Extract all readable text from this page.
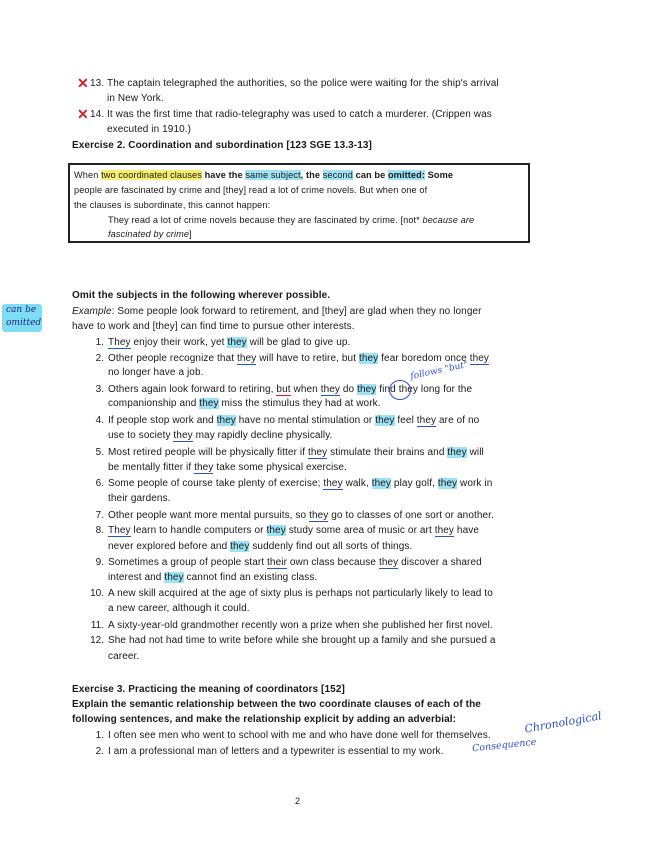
✕ 13. The captain telegraphed the authorities, so the police were waiting for the ship's arrival
in New York.
✕ 14. It was the first time that radio-telegraphy was used to catch a murderer. (Crippen was
executed in 1910.)
Exercise 2. Coordination and subordination [123 SGE 13.3-13]
When two coordinated clauses have the same subject, the second can be omitted: Some
people are fascinated by crime and [they] read a lot of crime novels. But when one of
the clauses is subordinate, this cannot happen:
They read a lot of crime novels because they are fascinated by crime. [not* because are
fascinated by crime]
can be
omitted
Omit the subjects in the following wherever possible.
Example: Some people look forward to retirement, and [they] are glad when they no longer
have to work and [they] can find time to pursue other interests.
1. They enjoy their work, yet they will be glad to give up.
2. Other people recognize that they will have to retire, but they fear boredom once they
no longer have a job.
3. Others again look forward to retiring, but when they do they find they long for the
companionship and they miss the stimulus they had at work.
follows "but"
4. If people stop work and they have no mental stimulation or they feel they are of no
use to society they may rapidly decline physically.
5. Most retired people will be physically fitter if they stimulate their brains and they will
be mentally fitter if they take some physical exercise.
6. Some people of course take plenty of exercise; they walk, they play golf, they work in
their gardens.
7. Other people want more mental pursuits, so they go to classes of one sort or another.
8. They learn to handle computers or they study some area of music or art they have
never explored before and they suddenly find out all sorts of things.
9. Sometimes a group of people start their own class because they discover a shared
interest and they cannot find an existing class.
10. A new skill acquired at the age of sixty plus is perhaps not particularly likely to lead to
a new career, although it could.
11. A sixty-year-old grandmother recently won a prize when she published her first novel.
12. She had not had time to write before while she brought up a family and she pursued a
career.
Exercise 3. Practicing the meaning of coordinators [152]
Explain the semantic relationship between the two coordinate clauses of each of the
following sentences, and make the relationship explicit by adding an adverbial:
1. I often see men who went to school with me and who have done well for themselves.	Chronological
2. I am a professional man of letters and a typewriter is essential to my work.	Consequence
2
